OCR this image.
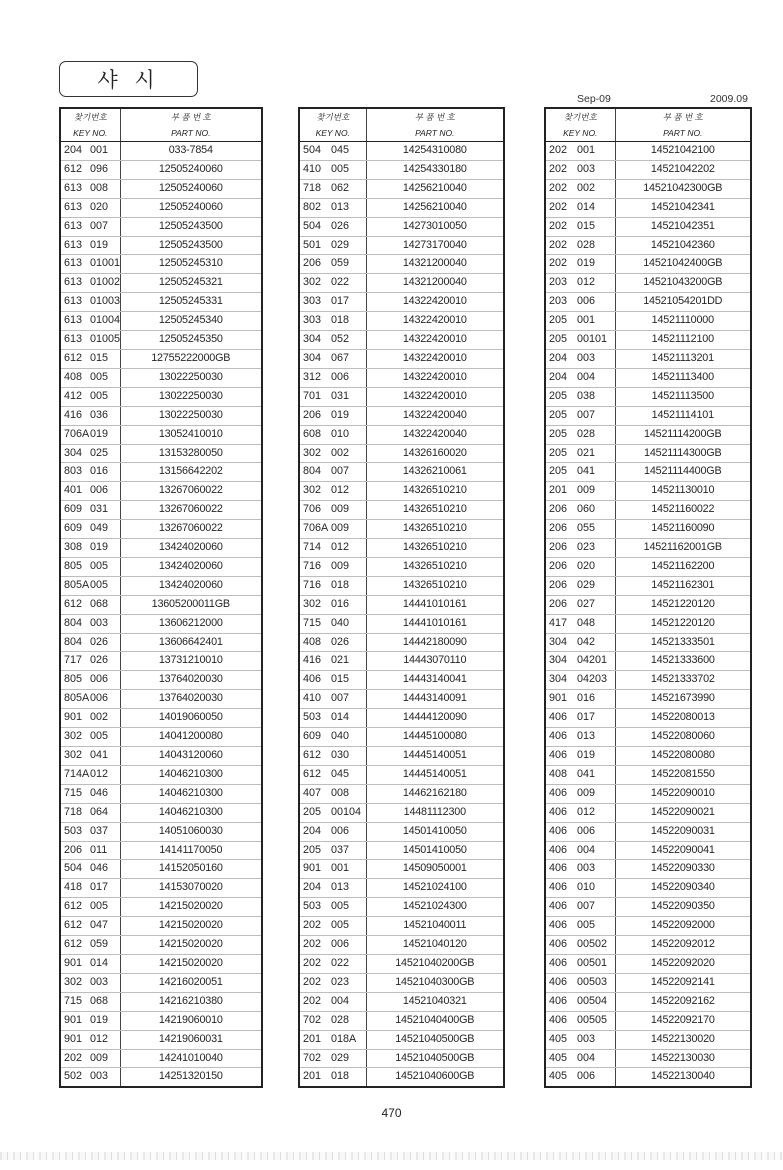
샤 시
Sep-09	2009.09
찾기번호		부 품 번 호
KEY NO.		PART NO.
204	001	033-7854
612	096	12505240060
613	008	12505240060
613	020	12505240060
613	007	12505243500
613	019	12505243500
613	01001	12505245310
613	01002	12505245321
613	01003	12505245331
613	01004	12505245340
613	01005	12505245350
612	015	12755222000GB
408	005	13022250030
412	005	13022250030
416	036	13022250030
706A	019	13052410010
304	025	13153280050
803	016	13156642202
401	006	13267060022
609	031	13267060022
609	049	13267060022
308	019	13424020060
805	005	13424020060
805A	005	13424020060
612	068	13605200011GB
804	003	13606212000
804	026	13606642401
717	026	13731210010
805	006	13764020030
805A	006	13764020030
901	002	14019060050
302	005	14041200080
302	041	14043120060
714A	012	14046210300
715	046	14046210300
718	064	14046210300
503	037	14051060030
206	011	14141170050
504	046	14152050160
418	017	14153070020
612	005	14215020020
612	047	14215020020
612	059	14215020020
901	014	14215020020
302	003	14216020051
715	068	14216210380
901	019	14219060010
901	012	14219060031
202	009	14241010040
502	003	14251320150
찾기번호		부 품 번 호
KEY NO.		PART NO.
504	045	14254310080
410	005	14254330180
718	062	14256210040
802	013	14256210040
504	026	14273010050
501	029	14273170040
206	059	14321200040
302	022	14321200040
303	017	14322420010
303	018	14322420010
304	052	14322420010
304	067	14322420010
312	006	14322420010
701	031	14322420010
206	019	14322420040
608	010	14322420040
302	002	14326160020
804	007	14326210061
302	012	14326510210
706	009	14326510210
706A	009	14326510210
714	012	14326510210
716	009	14326510210
716	018	14326510210
302	016	14441010161
715	040	14441010161
408	026	14442180090
416	021	14443070110
406	015	14443140041
410	007	14443140091
503	014	14444120090
609	040	14445100080
612	030	14445140051
612	045	14445140051
407	008	14462162180
205	00104	14481112300
204	006	14501410050
205	037	14501410050
901	001	14509050001
204	013	14521024100
503	005	14521024300
202	005	14521040011
202	006	14521040120
202	022	14521040200GB
202	023	14521040300GB
202	004	14521040321
702	028	14521040400GB
201	018A	14521040500GB
702	029	14521040500GB
201	018	14521040600GB
찾기번호		부 품 번 호
KEY NO.		PART NO.
202	001	14521042100
202	003	14521042202
202	002	14521042300GB
202	014	14521042341
202	015	14521042351
202	028	14521042360
202	019	14521042400GB
203	012	14521043200GB
203	006	14521054201DD
205	001	14521110000
205	00101	14521112100
204	003	14521113201
204	004	14521113400
205	038	14521113500
205	007	14521114101
205	028	14521114200GB
205	021	14521114300GB
205	041	14521114400GB
201	009	14521130010
206	060	14521160022
206	055	14521160090
206	023	14521162001GB
206	020	14521162200
206	029	14521162301
206	027	14521220120
417	048	14521220120
304	042	14521333501
304	04201	14521333600
304	04203	14521333702
901	016	14521673990
406	017	14522080013
406	013	14522080060
406	019	14522080080
408	041	14522081550
406	009	14522090010
406	012	14522090021
406	006	14522090031
406	004	14522090041
406	003	14522090330
406	010	14522090340
406	007	14522090350
406	005	14522092000
406	00502	14522092012
406	00501	14522092020
406	00503	14522092141
406	00504	14522092162
406	00505	14522092170
405	003	14522130020
405	004	14522130030
405	006	14522130040
470
